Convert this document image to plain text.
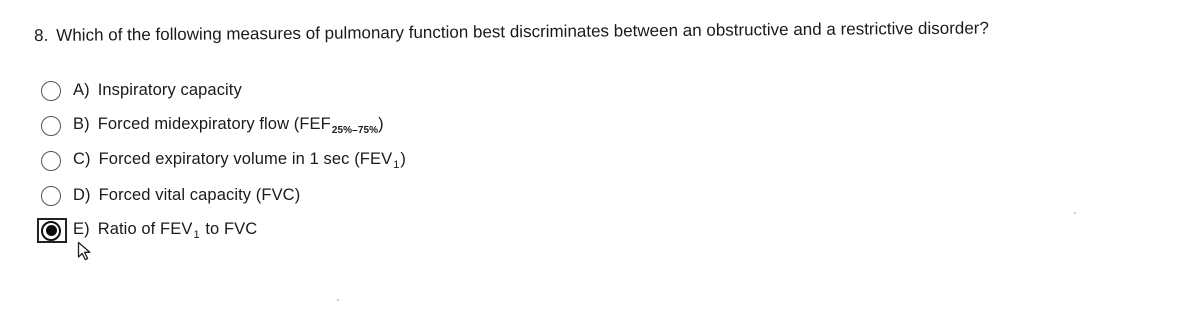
8. Which of the following measures of pulmonary function best discriminates between an obstructive and a restrictive disorder?
A) Inspiratory capacity
B) Forced midexpiratory flow $(FEF_{25\%-75\%})$
C) Forced expiratory volume in 1 $\sec (FEV_1)$
D) Forced vital capacity (FVC)
E) Ratio of $FEV_1$ to FVC
